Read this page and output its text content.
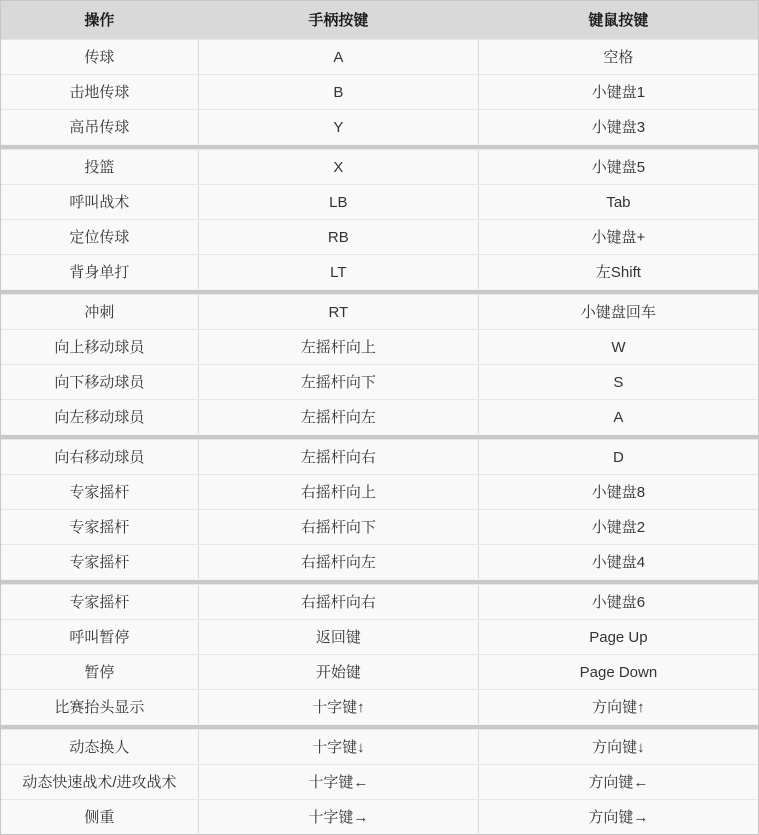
操作	手柄按键	键鼠按键
传球	A	空格
击地传球	B	小键盘1
高吊传球	Y	小键盘3
投篮	X	小键盘5
呼叫战术	LB	Tab
定位传球	RB	小键盘+
背身单打	LT	左Shift
冲刺	RT	小键盘回车
向上移动球员	左摇杆向上	W
向下移动球员	左摇杆向下	S
向左移动球员	左摇杆向左	A
向右移动球员	左摇杆向右	D
专家摇杆	右摇杆向上	小键盘8
专家摇杆	右摇杆向下	小键盘2
专家摇杆	右摇杆向左	小键盘4
专家摇杆	右摇杆向右	小键盘6
呼叫暂停	返回键	Page Up
暂停	开始键	Page Down
比赛抬头显示	十字键↑	方向键↑
动态换人	十字键↓	方向键↓
动态快速战术/进攻战术	十字键←	方向键←
侧重	十字键→	方向键→
